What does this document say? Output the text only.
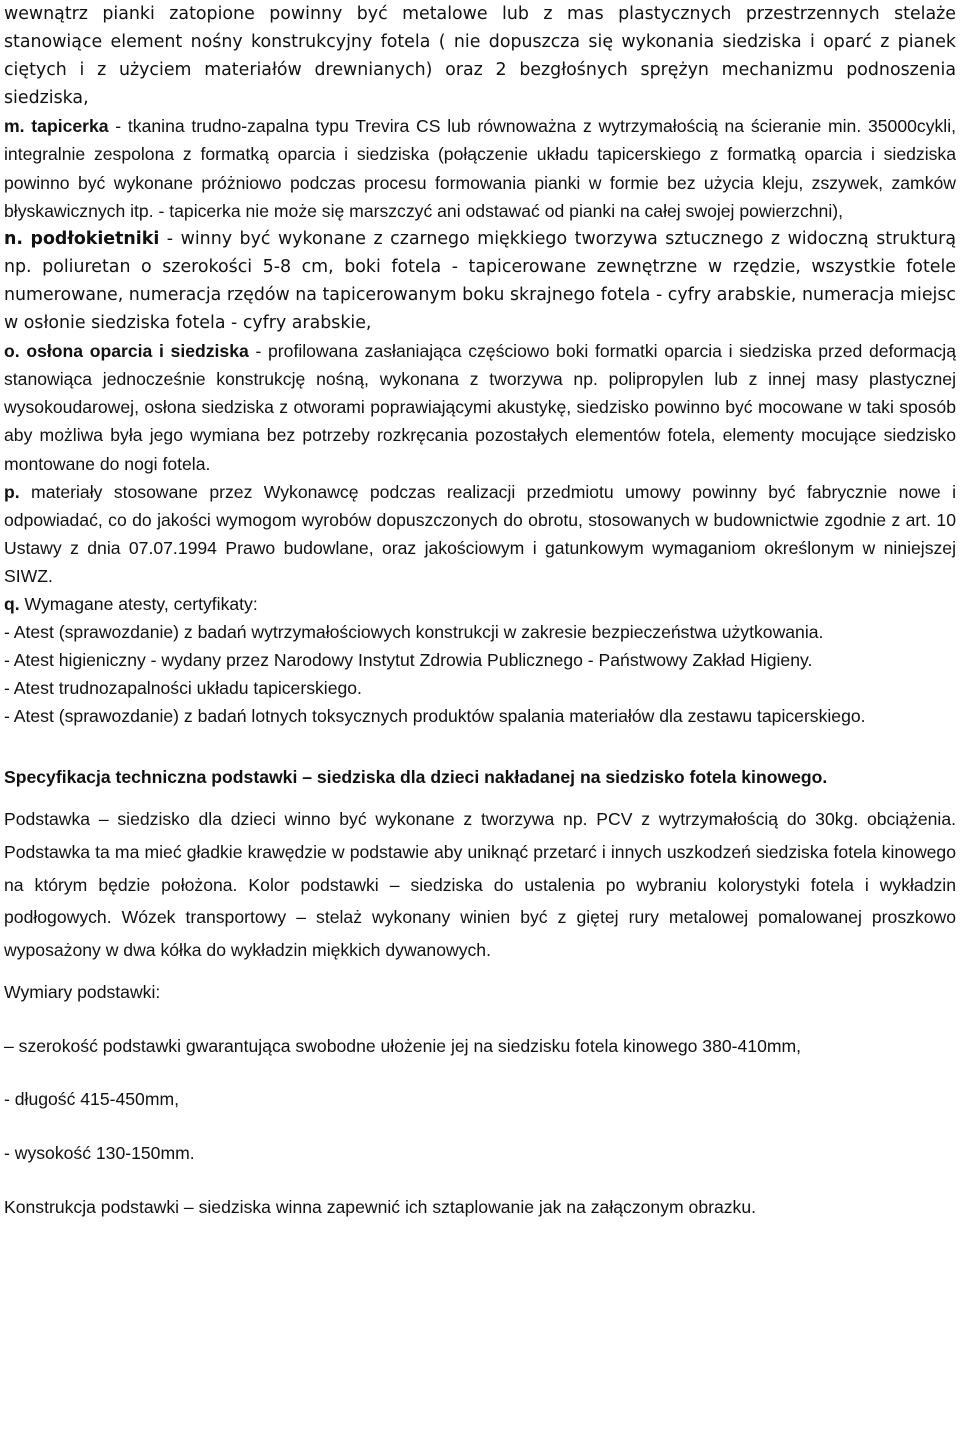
wewnątrz pianki zatopione powinny być metalowe lub z mas plastycznych przestrzennych stelaże stanowiące element nośny konstrukcyjny fotela ( nie dopuszcza się wykonania siedziska i oparć z pianek ciętych i z użyciem materiałów drewnianych) oraz 2 bezgłośnych sprężyn mechanizmu podnoszenia siedziska,

m. tapicerka - tkanina trudno-zapalna typu Trevira CS lub równoważna z wytrzymałością na ścieranie min. 35000cykli, integralnie zespolona z formatką oparcia i siedziska (połączenie układu tapicerskiego z formatką oparcia i siedziska powinno być wykonane próżniowo podczas procesu formowania pianki w formie bez użycia kleju, zszywek, zamków błyskawicznych itp. - tapicerka nie może się marszczyć ani odstawać od pianki na całej swojej powierzchni),

n. podłokietniki - winny być wykonane z czarnego miękkiego tworzywa sztucznego z widoczną strukturą np. poliuretan o szerokości 5-8 cm, boki fotela - tapicerowane zewnętrzne w rzędzie, wszystkie fotele numerowane, numeracja rzędów na tapicerowanym boku skrajnego fotela - cyfry arabskie, numeracja miejsc w osłonie siedziska fotela - cyfry arabskie,

o. osłona oparcia i siedziska - profilowana zasłaniająca częściowo boki formatki oparcia i siedziska przed deformacją stanowiąca jednocześnie konstrukcję nośną, wykonana z tworzywa np. polipropylen lub z innej masy plastycznej wysokoudarowej, osłona siedziska z otworami poprawiającymi akustykę, siedzisko powinno być mocowane w taki sposób aby możliwa była jego wymiana bez potrzeby rozkręcania pozostałych elementów fotela, elementy mocujące siedzisko montowane do nogi fotela.

p. materiały stosowane przez Wykonawcę podczas realizacji przedmiotu umowy powinny być fabrycznie nowe i odpowiadać, co do jakości wymogom wyrobów dopuszczonych do obrotu, stosowanych w budownictwie zgodnie z art. 10 Ustawy z dnia 07.07.1994 Prawo budowlane, oraz jakościowym i gatunkowym wymaganiom określonym w niniejszej SIWZ.

q. Wymagane atesty, certyfikaty:

- Atest (sprawozdanie) z badań wytrzymałościowych konstrukcji w zakresie bezpieczeństwa użytkowania.

- Atest higieniczny - wydany przez Narodowy Instytut Zdrowia Publicznego - Państwowy Zakład Higieny.

- Atest trudnozapalności układu tapicerskiego.

- Atest (sprawozdanie) z badań lotnych toksycznych produktów spalania materiałów dla zestawu tapicerskiego.

Specyfikacja techniczna podstawki – siedziska dla dzieci nakładanej na siedzisko fotela kinowego.

Podstawka – siedzisko dla dzieci winno być wykonane z tworzywa np. PCV z wytrzymałością do 30kg. obciążenia. Podstawka ta ma mieć gładkie krawędzie w podstawie aby uniknąć przetarć i innych uszkodzeń siedziska fotela kinowego na którym będzie położona. Kolor podstawki – siedziska do ustalenia po wybraniu kolorystyki fotela i wykładzin podłogowych. Wózek transportowy – stelaż wykonany winien być z giętej rury metalowej pomalowanej proszkowo wyposażony w dwa kółka do wykładzin miękkich dywanowych.

Wymiary podstawki:

– szerokość podstawki gwarantująca swobodne ułożenie jej na siedzisku fotela kinowego 380-410mm,

- długość 415-450mm,

- wysokość 130-150mm.

Konstrukcja podstawki – siedziska winna zapewnić ich sztaplowanie jak na załączonym obrazku.
